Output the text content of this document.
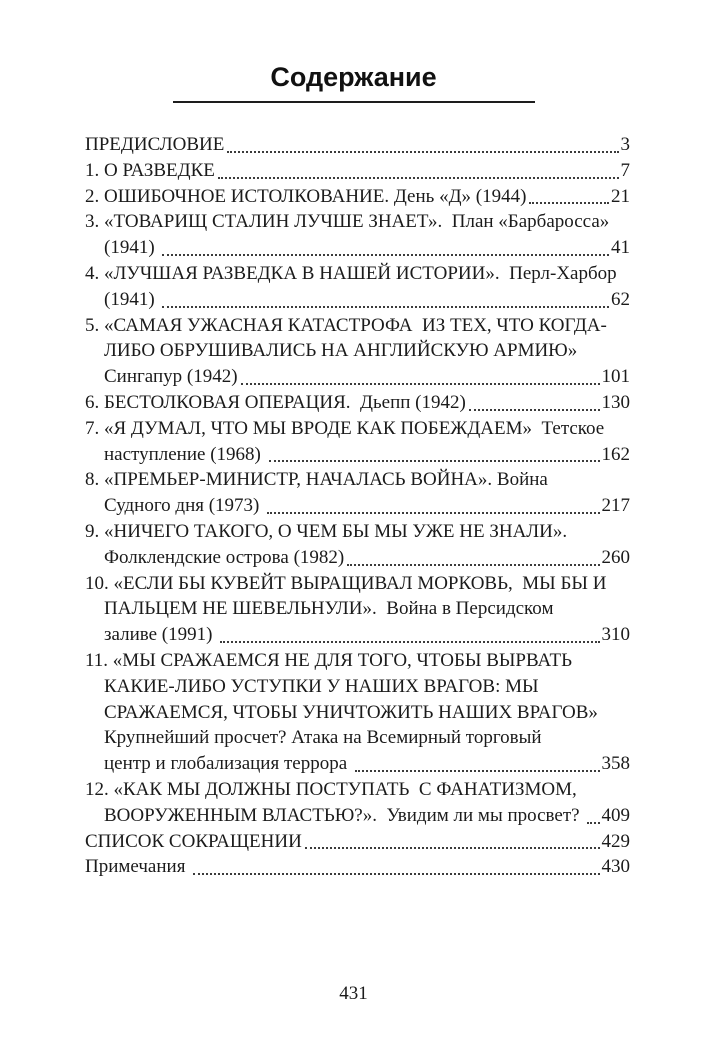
Содержание
ПРЕДИСЛОВИЕ	3
1. О РАЗВЕДКЕ	7
2. ОШИБОЧНОЕ ИСТОЛКОВАНИЕ. День «Д» (1944)	21
3. «ТОВАРИЩ СТАЛИН ЛУЧШЕ ЗНАЕТ».  План «Барбаросса»
(1941)	41
4. «ЛУЧШАЯ РАЗВЕДКА В НАШЕЙ ИСТОРИИ».  Перл-Харбор
(1941)	62
5. «САМАЯ УЖАСНАЯ КАТАСТРОФА  ИЗ ТЕХ, ЧТО КОГДА-
ЛИБО ОБРУШИВАЛИСЬ НА АНГЛИЙСКУЮ АРМИЮ»
Сингапур (1942)	101
6. БЕСТОЛКОВАЯ ОПЕРАЦИЯ.  Дьепп (1942)	130
7. «Я ДУМАЛ, ЧТО МЫ ВРОДЕ КАК ПОБЕЖДАЕМ»  Тетское
наступление (1968)	162
8. «ПРЕМЬЕР-МИНИСТР, НАЧАЛАСЬ ВОЙНА». Война
Судного дня (1973)	217
9. «НИЧЕГО ТАКОГО, О ЧЕМ БЫ МЫ УЖЕ НЕ ЗНАЛИ».
Фолклендские острова (1982)	260
10. «ЕСЛИ БЫ КУВЕЙТ ВЫРАЩИВАЛ МОРКОВЬ,  МЫ БЫ И
ПАЛЬЦЕМ НЕ ШЕВЕЛЬНУЛИ».  Война в Персидском
заливе (1991)	310
11. «МЫ СРАЖАЕМСЯ НЕ ДЛЯ ТОГО, ЧТОБЫ ВЫРВАТЬ
КАКИЕ-ЛИБО УСТУПКИ У НАШИХ ВРАГОВ: МЫ
СРАЖАЕМСЯ, ЧТОБЫ УНИЧТОЖИТЬ НАШИХ ВРАГОВ»
Крупнейший просчет? Атака на Всемирный торговый
центр и глобализация террора	358
12. «КАК МЫ ДОЛЖНЫ ПОСТУПАТЬ  С ФАНАТИЗМОМ,
ВООРУЖЕННЫМ ВЛАСТЬЮ?».  Увидим ли мы просвет? 409
СПИСОК СОКРАЩЕНИИ	429
Примечания	430
431
